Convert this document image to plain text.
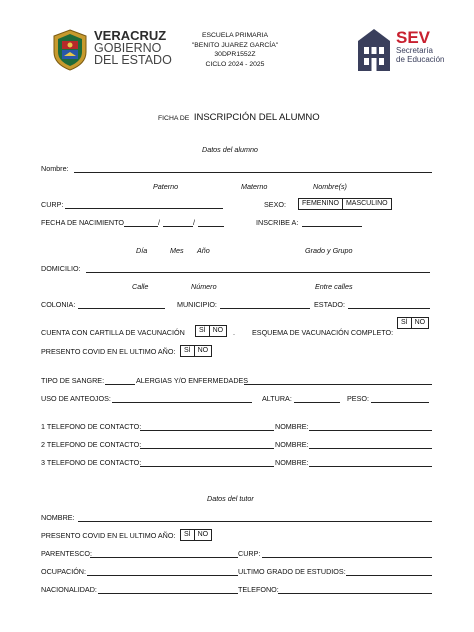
VERACRUZ
GOBIERNO
DEL ESTADO
ESCUELA PRIMARIA
"BENITO JUAREZ GARCÍA"
30DPR1552Z
CICLO 2024 - 2025
SEV
Secretaría
de Educación
FICHA DE INSCRIPCIÓN DEL ALUMNO
Datos del alumno
Nombre:
Paterno	Materno	Nombre(s)
CURP:	SEXO:	FEMENINO	MASCULINO
FECHA DE NACIMIENTO	/	/	INSCRIBE A:
Día	Mes Año	Grado y Grupo
DOMICILIO:
Calle	Número	Entre calles
COLONIA:	MUNICIPIO:	ESTADO:
SÍ	NO
CUENTA CON CARTILLA DE VACUNACIÓN	SÍ	NO	. ESQUEMA DE VACUNACIÓN COMPLETO:
PRESENTO COVID EN EL ULTIMO AÑO:	SÍ	NO
TIPO DE SANGRE:	ALERGIAS Y/O ENFERMEDADES
USO DE ANTEOJOS:	ALTURA:	PESO:
1 TELEFONO DE CONTACTO:	NOMBRE:
2 TELEFONO DE CONTACTO:	NOMBRE:
3 TELEFONO DE CONTACTO:	NOMBRE:
Datos del tutor
NOMBRE:
PRESENTO COVID EN EL ULTIMO AÑO:	SÍ	NO
PARENTESCO:	CURP:
OCUPACIÓN:	ULTIMO GRADO DE ESTUDIOS:
NACIONALIDAD:	TELEFONO:
